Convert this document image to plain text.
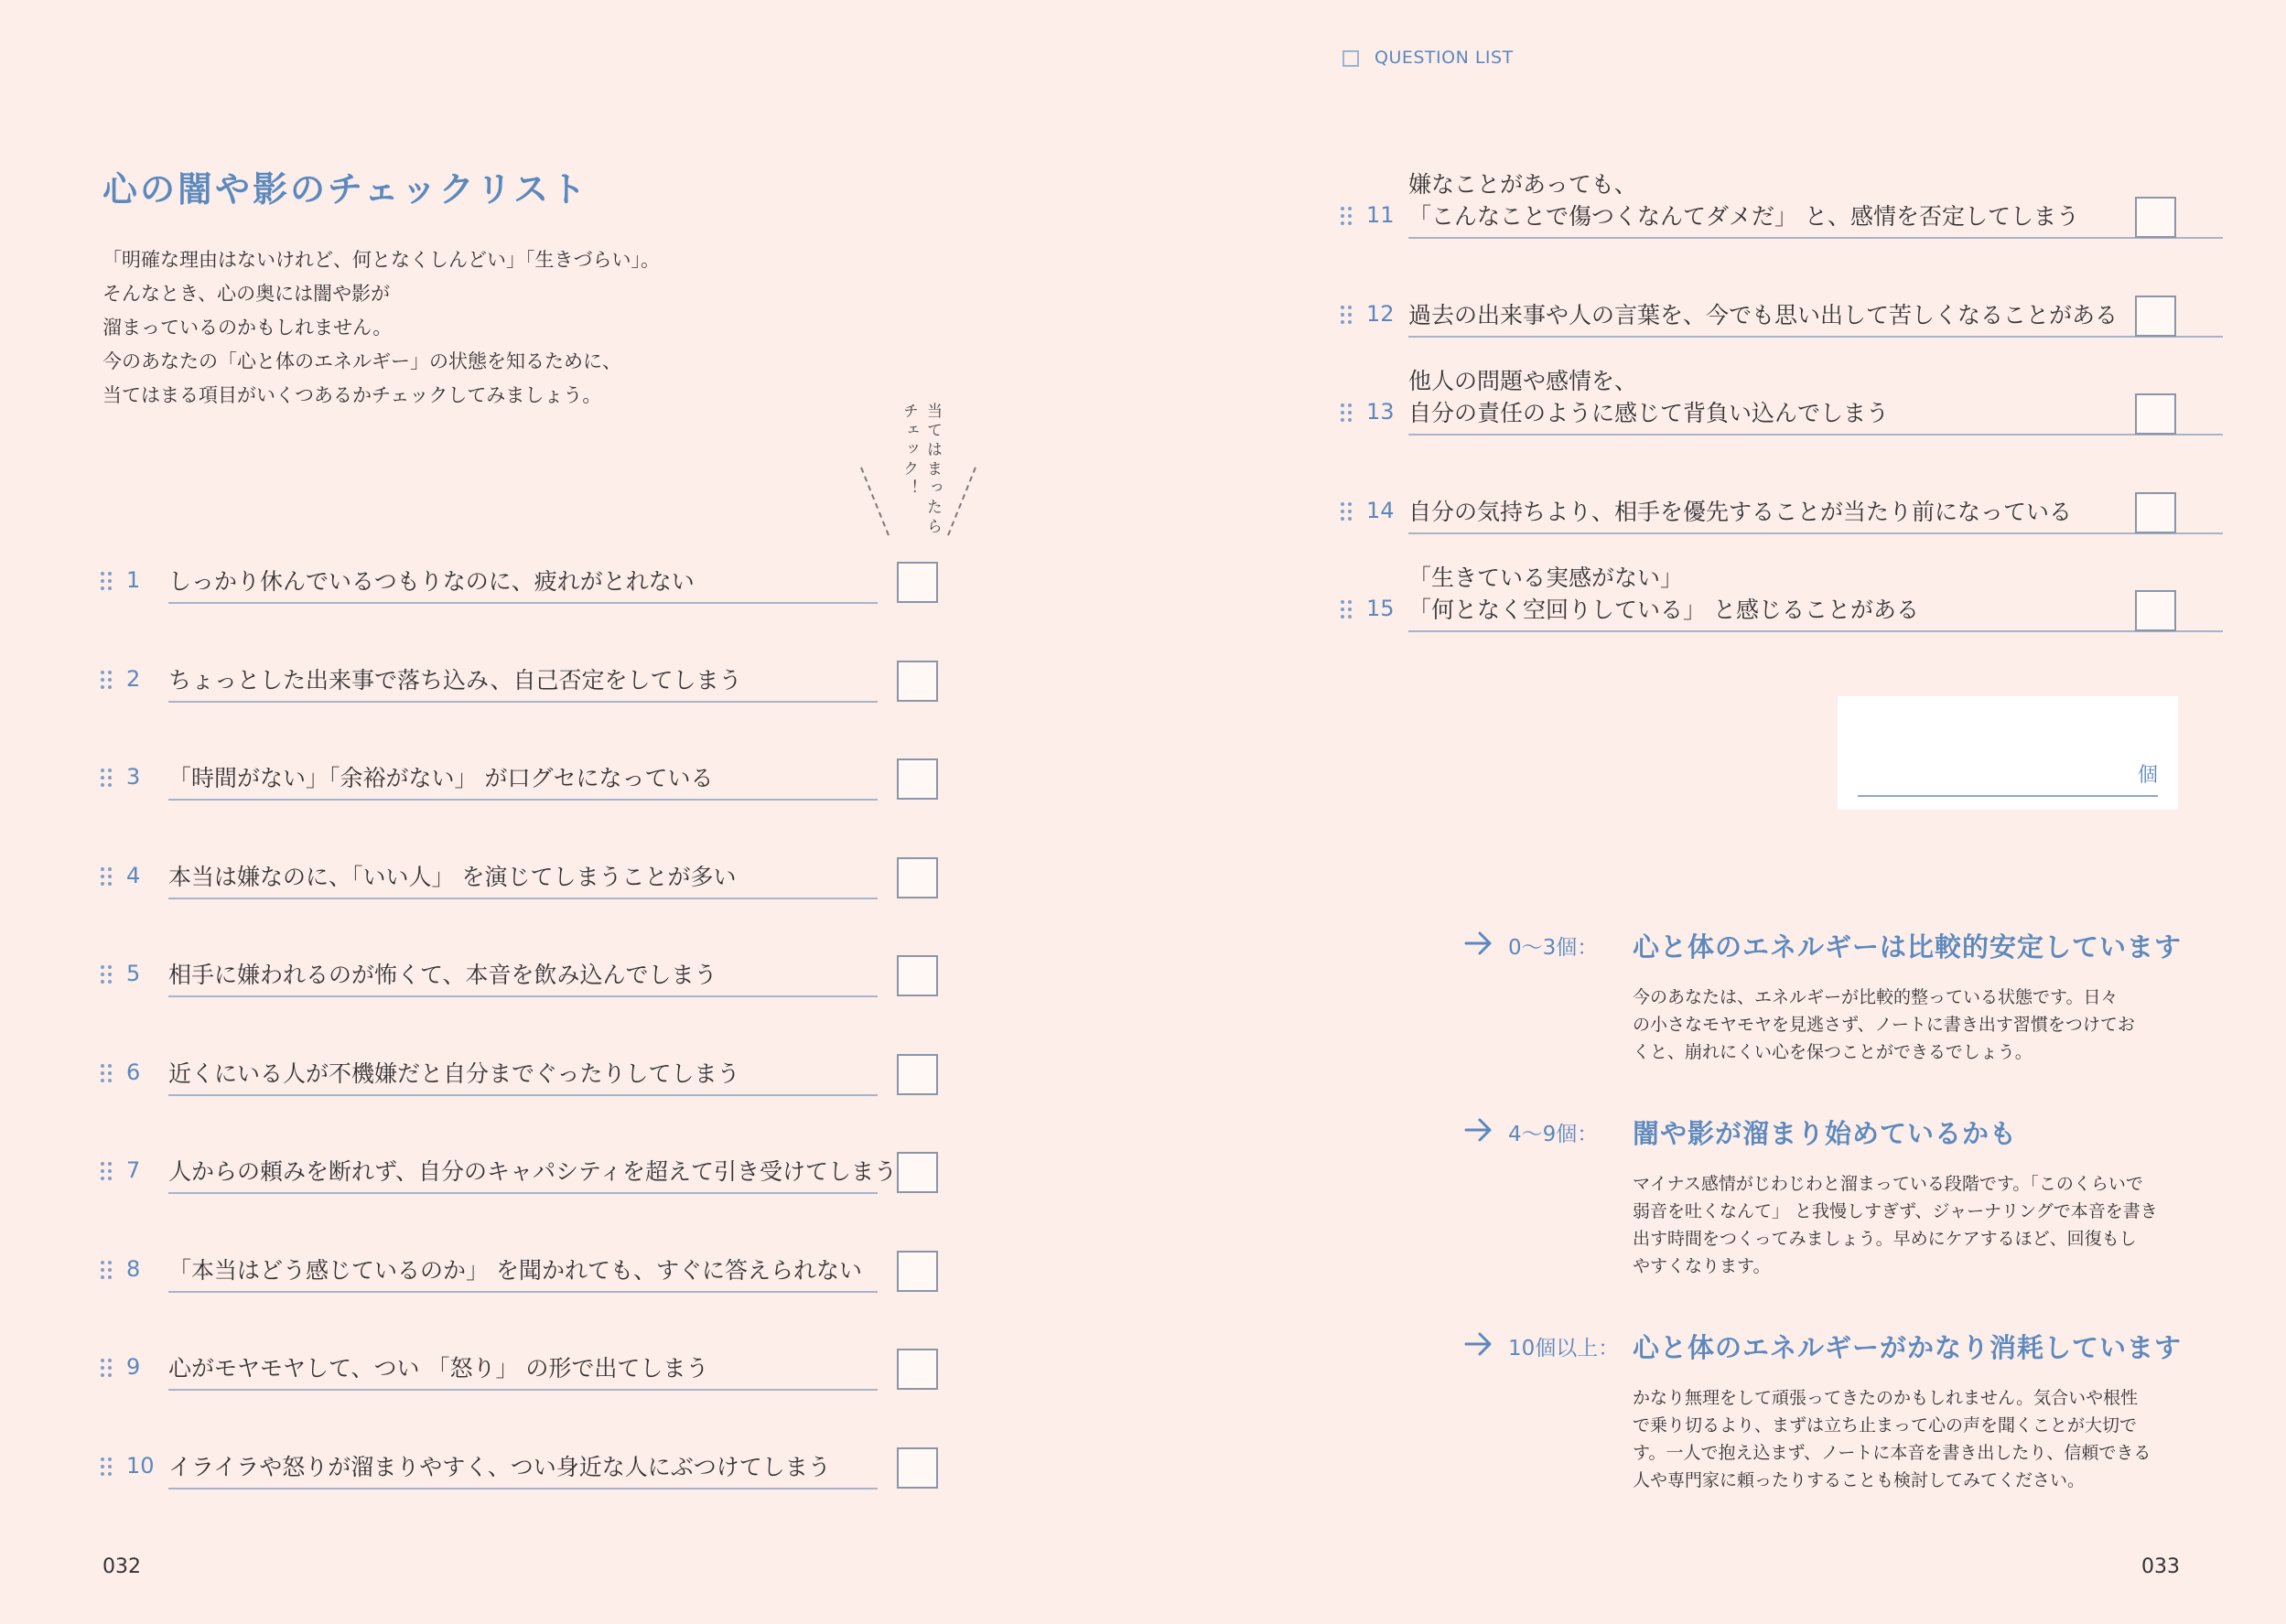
QUESTION LIST
心の闇や影のチェックリスト
「明確な理由はないけれど、何となくしんどい」「生きづらい」。
そんなとき、心の奥には闇や影が
溜まっているのかもしれません。
今のあなたの「心と体のエネルギー」の状態を知るために、
当てはまる項目がいくつあるかチェックしてみましょう。
当てはまったら
チェック！
1 しっかり休んでいるつもりなのに、疲れがとれない
2 ちょっとした出来事で落ち込み、自己否定をしてしまう
3 「時間がない」「余裕がない」 が口グセになっている
4 本当は嫌なのに、「いい人」 を演じてしまうことが多い
5 相手に嫌われるのが怖くて、本音を飲み込んでしまう
6 近くにいる人が不機嫌だと自分までぐったりしてしまう
7 人からの頼みを断れず、自分のキャパシティを超えて引き受けてしまう
8 「本当はどう感じているのか」 を聞かれても、すぐに答えられない
9 心がモヤモヤして、つい 「怒り」 の形で出てしまう
10 イライラや怒りが溜まりやすく、つい身近な人にぶつけてしまう
11
嫌なことがあっても、
「こんなことで傷つくなんてダメだ」 と、感情を否定してしまう
12 過去の出来事や人の言葉を、今でも思い出して苦しくなることがある
13
他人の問題や感情を、
自分の責任のように感じて背負い込んでしまう
14 自分の気持ちより、相手を優先することが当たり前になっている
15
「生きている実感がない」
「何となく空回りしている」 と感じることがある
個
0〜3個： 心と体のエネルギーは比較的安定しています
今のあなたは、エネルギーが比較的整っている状態です。日々
の小さなモヤモヤを見逃さず、ノートに書き出す習慣をつけてお
くと、崩れにくい心を保つことができるでしょう。
4〜9個： 闇や影が溜まり始めているかも
マイナス感情がじわじわと溜まっている段階です。「このくらいで
弱音を吐くなんて」 と我慢しすぎず、ジャーナリングで本音を書き
出す時間をつくってみましょう。早めにケアするほど、回復もし
やすくなります。
10個以上： 心と体のエネルギーがかなり消耗しています
かなり無理をして頑張ってきたのかもしれません。気合いや根性
で乗り切るより、まずは立ち止まって心の声を聞くことが大切で
す。一人で抱え込まず、ノートに本音を書き出したり、信頼できる
人や専門家に頼ったりすることも検討してみてください。
032	033
